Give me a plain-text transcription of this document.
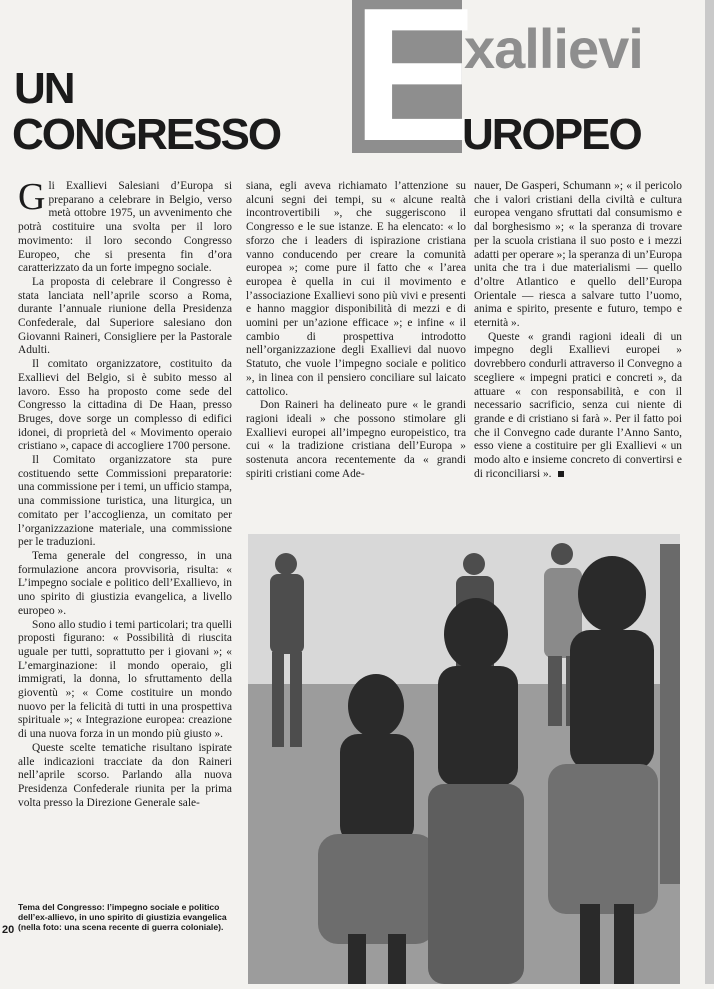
E
xallievi
UN
CONGRESSO	UROPEO

Gli Exallievi Salesiani d’Europa si preparano a celebrare in Belgio, verso metà ottobre 1975, un avvenimento che potrà costituire una svolta per il loro movimento: il loro secondo Congresso Europeo, che si presenta fin d’ora caratterizzato da un forte impegno sociale.

La proposta di celebrare il Congresso è stata lanciata nell’aprile scorso a Roma, durante l’annuale riunione della Presidenza Confederale, dal Superiore salesiano don Giovanni Raineri, Consigliere per la Pastorale Adulti.

Il comitato organizzatore, costituito da Exallievi del Belgio, si è subito messo al lavoro. Esso ha proposto come sede del Congresso la cittadina di De Haan, presso Bruges, dove sorge un complesso di edifici idonei, di proprietà del « Movimento operaio cristiano », capace di accogliere 1700 persone.

Il Comitato organizzatore sta pure costituendo sette Commissioni preparatorie: una commissione per i temi, un ufficio stampa, una commissione turistica, una liturgica, un comitato per l’accoglienza, un comitato per l’organizzazione materiale, una commissione per le traduzioni.

Tema generale del congresso, in una formulazione ancora provvisoria, risulta: « L’impegno sociale e politico dell’Exallievo, in uno spirito di giustizia evangelica, a livello europeo ».

Sono allo studio i temi particolari; tra quelli proposti figurano: « Possibilità di riuscita uguale per tutti, soprattutto per i giovani »; « L’emarginazione: il mondo operaio, gli immigrati, la donna, lo sfruttamento della gioventù »; « Come costituire un mondo nuovo per la felicità di tutti in una prospettiva spirituale »; « Integrazione europea: creazione di una nuova forza in un mondo più giusto ».

Queste scelte tematiche risultano ispirate alle indicazioni tracciate da don Raineri nell’aprile scorso. Parlando alla nuova Presidenza Confederale riunita per la prima volta presso la Direzione Generale sale-

siana, egli aveva richiamato l’attenzione su alcuni segni dei tempi, su « alcune realtà incontrovertibili », che suggeriscono il Congresso e le sue istanze. E ha elencato: « lo sforzo che i leaders di ispirazione cristiana vanno conducendo per creare la comunità europea »; come pure il fatto che « l’area europea è quella in cui il movimento e l’associazione Exallievi sono più vivi e presenti e hanno maggior disponibilità di mezzi e di uomini per un’azione efficace »; e infine « il cambio di prospettiva introdotto nell’organizzazione degli Exallievi dal nuovo Statuto, che vuole l’impegno sociale e politico », in linea con il pensiero conciliare sul laicato cattolico.

Don Raineri ha delineato pure « le grandi ragioni ideali » che possono stimolare gli Exallievi europei all’impegno europeistico, tra cui « la tradizione cristiana dell’Europa » sostenuta ancora recentemente da « grandi spiriti cristiani come Ade-

nauer, De Gasperi, Schumann »; « il pericolo che i valori cristiani della civiltà e cultura europea vengano sfruttati dal consumismo e dal borghesismo »; « la speranza di trovare per la scuola cristiana il suo posto e i mezzi adatti per operare »; la speranza di un’Europa unita che tra i due materialismi — quello d’oltre Atlantico e quello dell’Europa Orientale — riesca a salvare tutto l’uomo, anima e spirito, presente e futuro, tempo e eternità ».

Queste « grandi ragioni ideali di un impegno degli Exallievi europei » dovrebbero condurli attraverso il Convegno a scegliere « impegni pratici e concreti », da attuare « con responsabilità, e con il necessario sacrificio, senza cui niente di grande e di cristiano si farà ». Per il fatto poi che il Convegno cade durante l’Anno Santo, esso viene a costituire per gli Exallievi « un modo alto e insieme concreto di convertirsi e di riconciliarsi ».

Tema del Congresso: l’impegno sociale e politico dell’ex-allievo, in uno spirito di giustizia evangelica (nella foto: una scena recente di guerra coloniale).
20
